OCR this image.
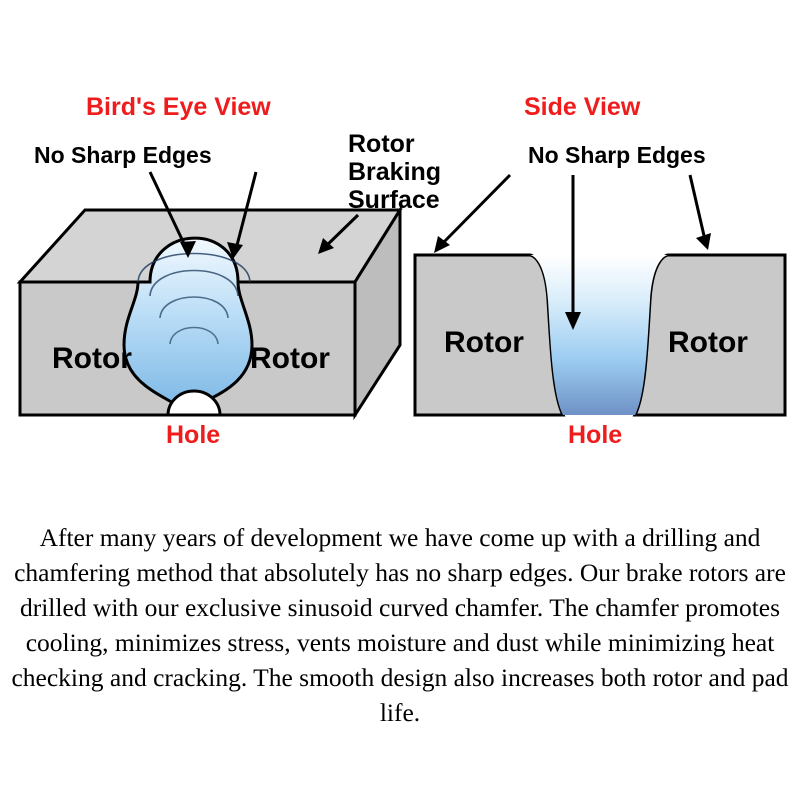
Bird's Eye View
No Sharp Edges	Rotor
Braking
Surface
Rotor	Rotor
Hole
Side View
No Sharp Edges
Rotor	Rotor
Hole
After many years of development we have come up with a drilling and chamfering method that absolutely has no sharp edges. Our brake rotors are drilled with our exclusive sinusoid curved chamfer. The chamfer promotes cooling, minimizes stress, vents moisture and dust while minimizing heat checking and cracking. The smooth design also increases both rotor and pad life.
